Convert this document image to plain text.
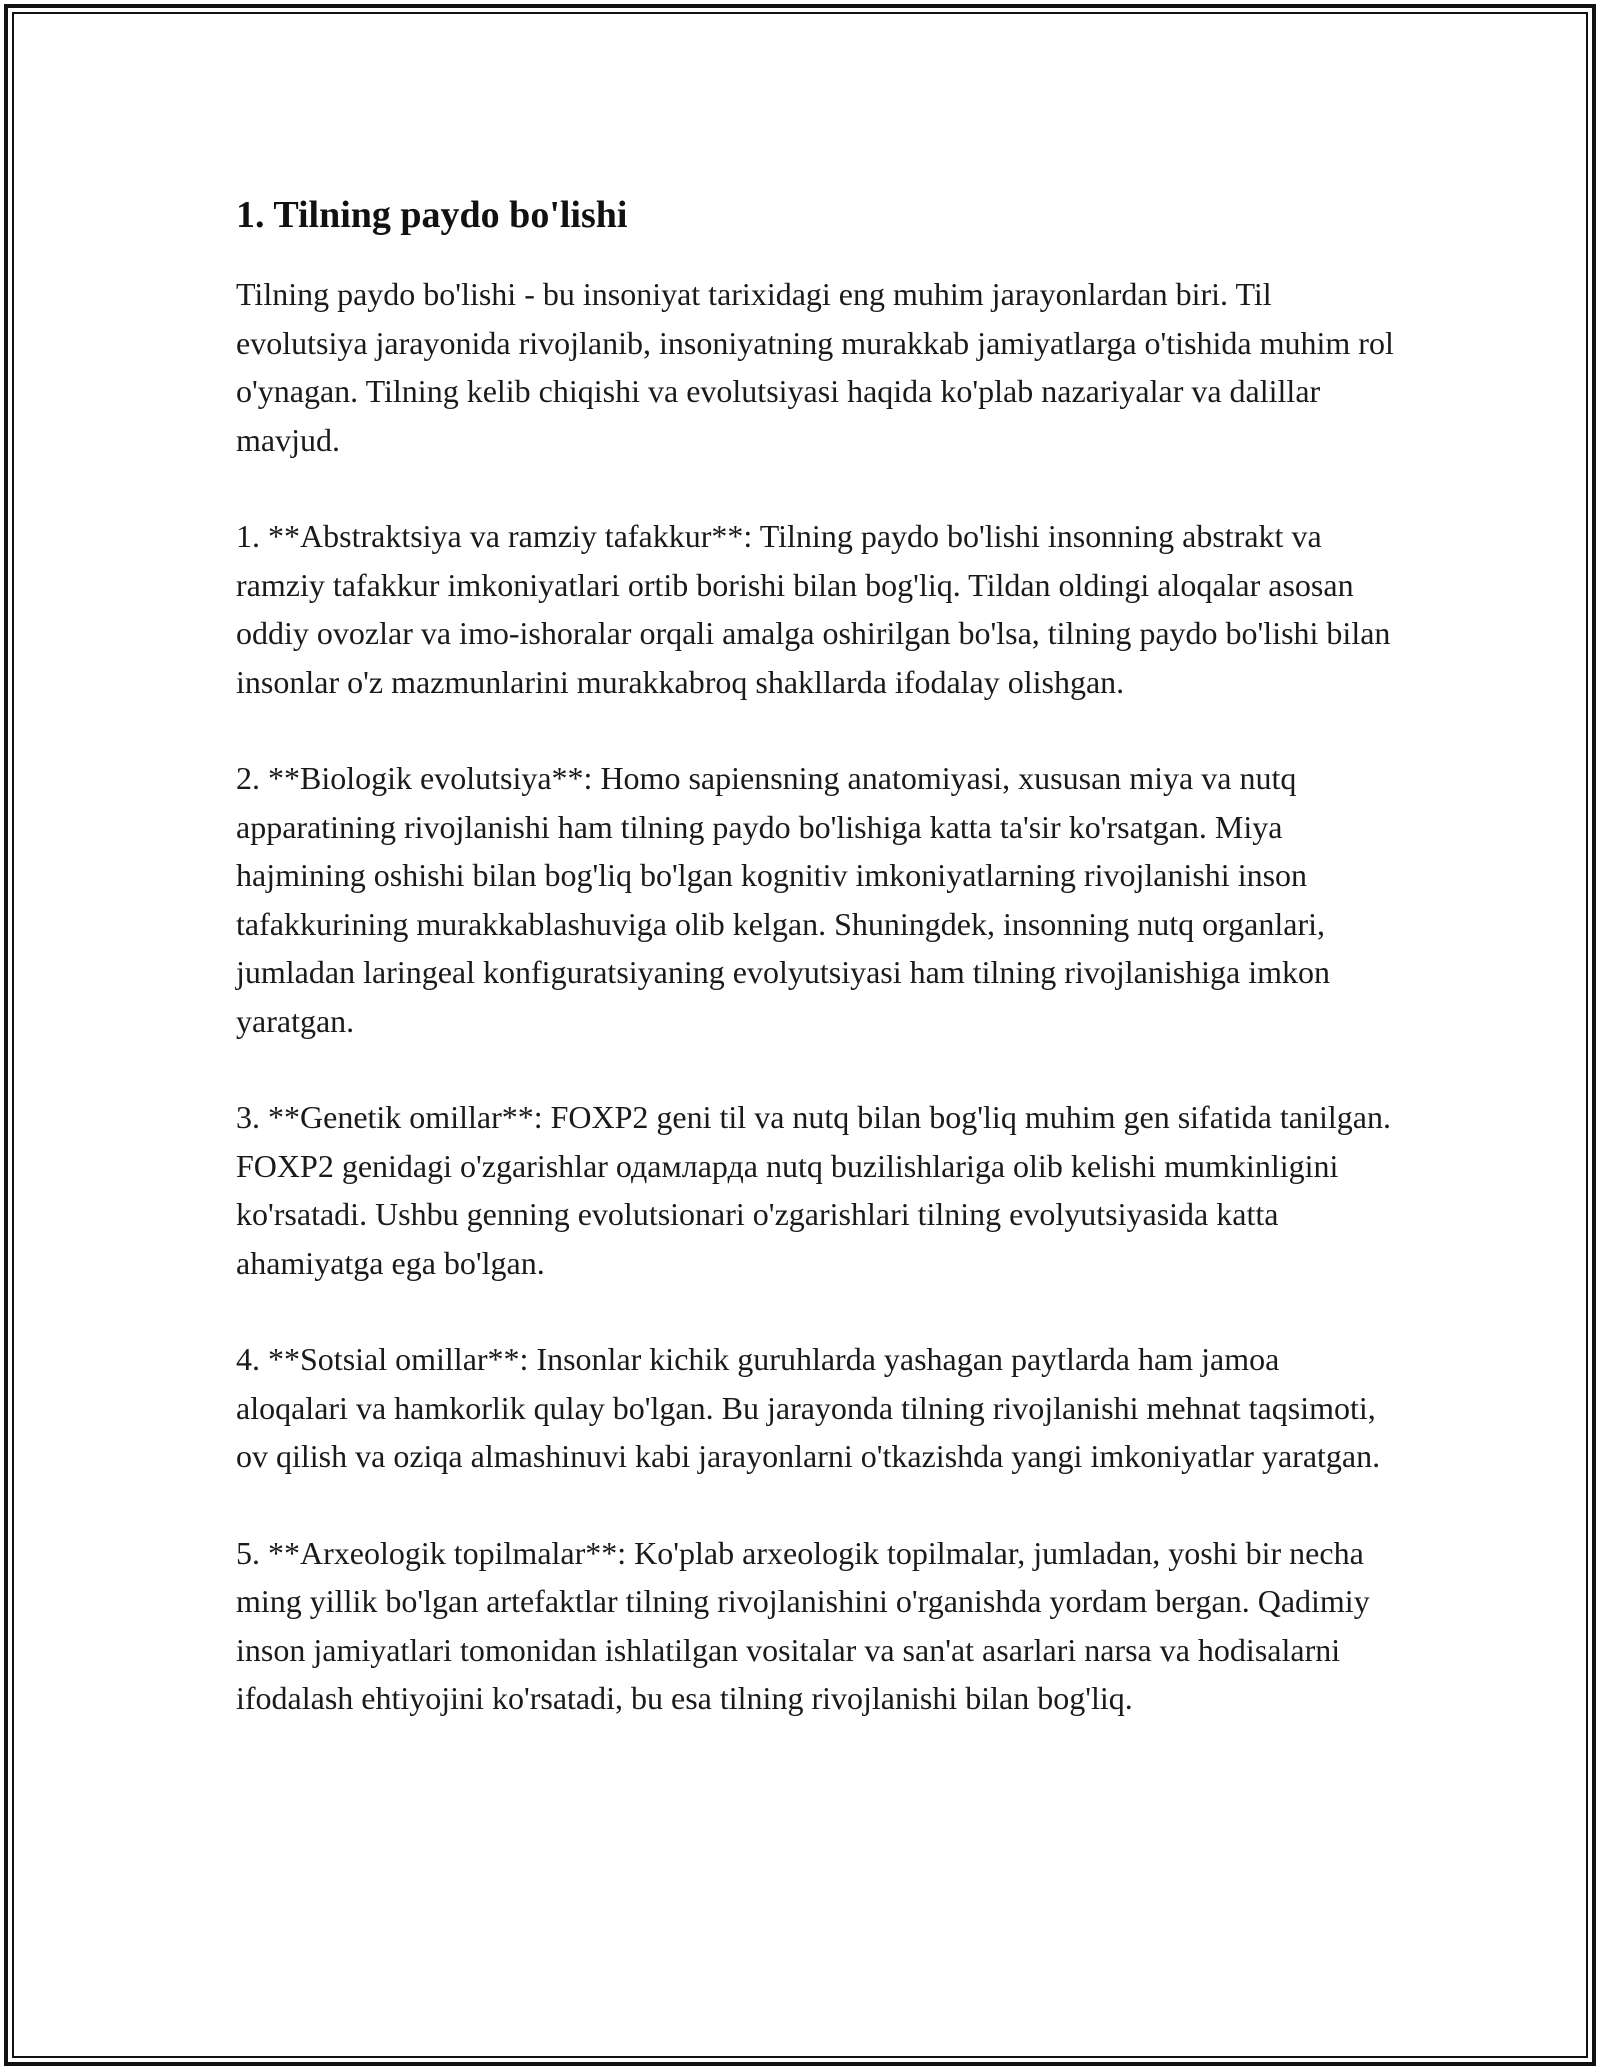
1. Tilning paydo bo'lishi

Tilning paydo bo'lishi - bu insoniyat tarixidagi eng muhim jarayonlardan biri. Til evolutsiya jarayonida rivojlanib, insoniyatning murakkab jamiyatlarga o'tishida muhim rol o'ynagan. Tilning kelib chiqishi va evolutsiyasi haqida ko'plab nazariyalar va dalillar mavjud.

1. **Abstraktsiya va ramziy tafakkur**: Tilning paydo bo'lishi insonning abstrakt va ramziy tafakkur imkoniyatlari ortib borishi bilan bog'liq. Tildan oldingi aloqalar asosan oddiy ovozlar va imo-ishoralar orqali amalga oshirilgan bo'lsa, tilning paydo bo'lishi bilan insonlar o'z mazmunlarini murakkabroq shakllarda ifodalay olishgan.

2. **Biologik evolutsiya**: Homo sapiensning anatomiyasi, xususan miya va nutq apparatining rivojlanishi ham tilning paydo bo'lishiga katta ta'sir ko'rsatgan. Miya hajmining oshishi bilan bog'liq bo'lgan kognitiv imkoniyatlarning rivojlanishi inson tafakkurining murakkablashuviga olib kelgan. Shuningdek, insonning nutq organlari, jumladan laringeal konfiguratsiyaning evolyutsiyasi ham tilning rivojlanishiga imkon yaratgan.

3. **Genetik omillar**: FOXP2 geni til va nutq bilan bog'liq muhim gen sifatida tanilgan. FOXP2 genidagi o'zgarishlar одамларда nutq buzilishlariga olib kelishi mumkinligini ko'rsatadi. Ushbu genning evolutsionari o'zgarishlari tilning evolyutsiyasida katta ahamiyatga ega bo'lgan.

4. **Sotsial omillar**: Insonlar kichik guruhlarda yashagan paytlarda ham jamoa aloqalari va hamkorlik qulay bo'lgan. Bu jarayonda tilning rivojlanishi mehnat taqsimoti, ov qilish va oziqa almashinuvi kabi jarayonlarni o'tkazishda yangi imkoniyatlar yaratgan.

5. **Arxeologik topilmalar**: Ko'plab arxeologik topilmalar, jumladan, yoshi bir necha ming yillik bo'lgan artefaktlar tilning rivojlanishini o'rganishda yordam bergan. Qadimiy inson jamiyatlari tomonidan ishlatilgan vositalar va san'at asarlari narsa va hodisalarni ifodalash ehtiyojini ko'rsatadi, bu esa tilning rivojlanishi bilan bog'liq.
